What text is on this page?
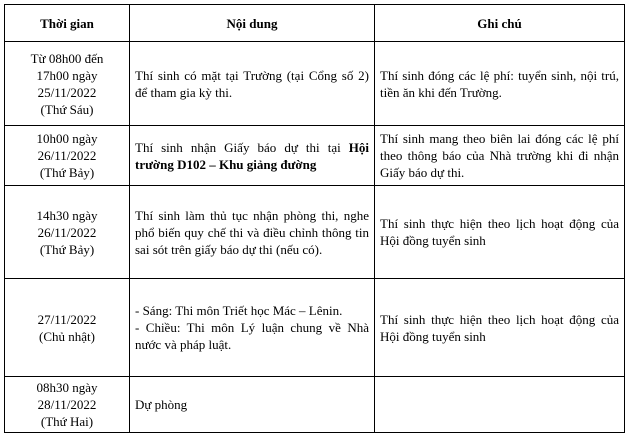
Thời gian	Nội dung	Ghi chú

Từ 08h00 đến
17h00 ngày
25/11/2022
(Thứ Sáu)	Thí sinh có mặt tại Trường (tại Cổng số 2) để tham gia kỳ thi.	Thí sinh đóng các lệ phí: tuyển sinh, nội trú, tiền ăn khi đến Trường.

10h00 ngày
26/11/2022
(Thứ Bảy)	Thí sinh nhận Giấy báo dự thi tại Hội trường D102 – Khu giảng đường	Thí sinh mang theo biên lai đóng các lệ phí theo thông báo của Nhà trường khi đi nhận Giấy báo dự thi.

14h30 ngày
26/11/2022
(Thứ Bảy)	Thí sinh làm thủ tục nhận phòng thi, nghe phổ biến quy chế thi và điều chỉnh thông tin sai sót trên giấy báo dự thi (nếu có).	Thí sinh thực hiện theo lịch hoạt động của Hội đồng tuyển sinh

27/11/2022
(Chủ nhật)	- Sáng: Thi môn Triết học Mác – Lênin.
- Chiều: Thi môn Lý luận chung về Nhà nước và pháp luật.	Thí sinh thực hiện theo lịch hoạt động của Hội đồng tuyển sinh

08h30 ngày
28/11/2022
(Thứ Hai)	Dự phòng	
